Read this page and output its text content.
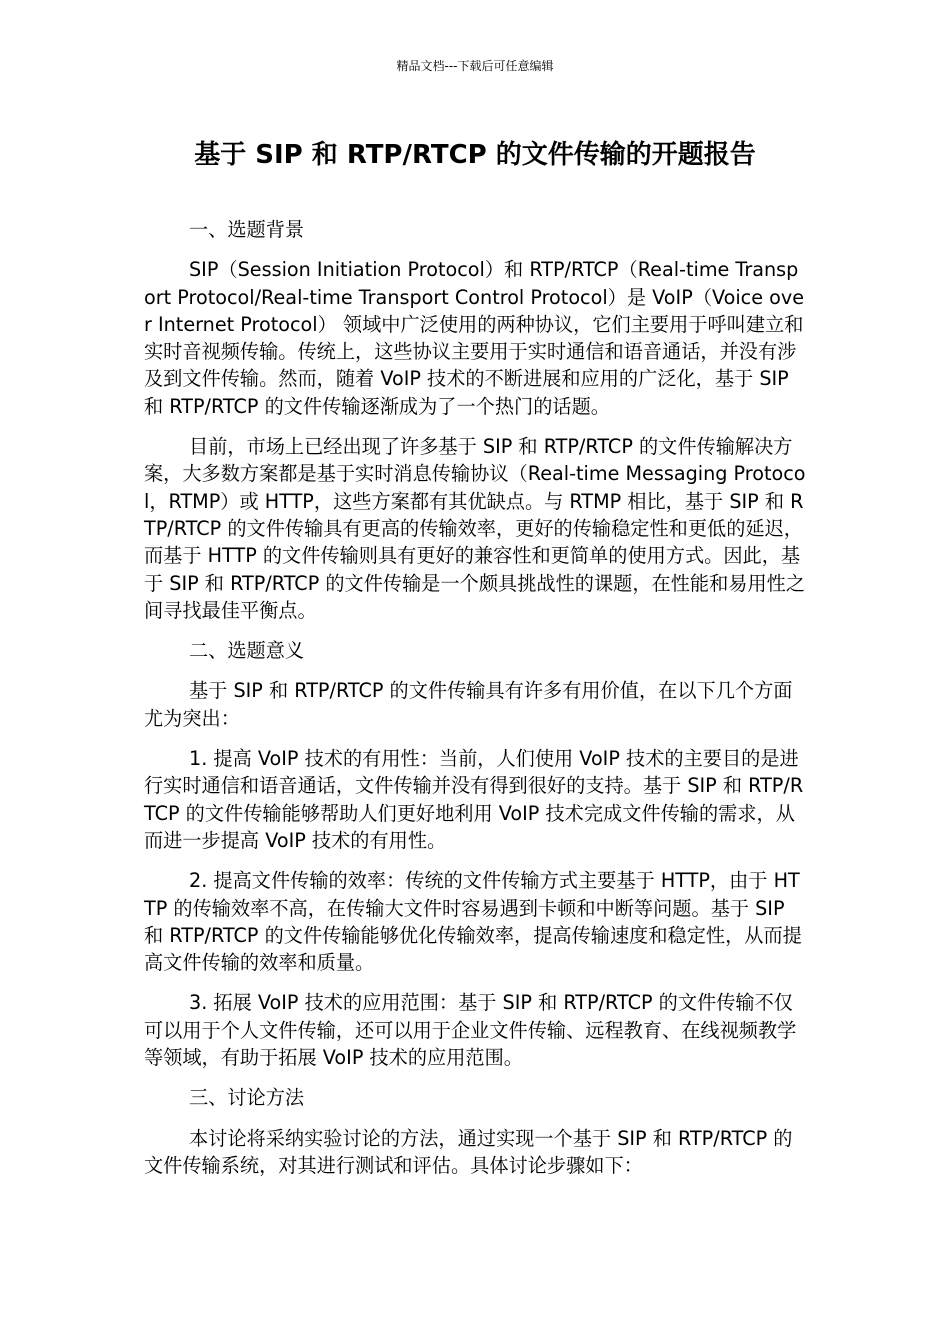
精品文档---下载后可任意编辑
基于 SIP 和 RTP/RTCP 的文件传输的开题报告

一、选题背景

SIP（Session Initiation Protocol）和 RTP/RTCP（Real-time Transport Protocol/Real-time Transport Control Protocol）是 VoIP（Voice over Internet Protocol） 领域中广泛使用的两种协议，它们主要用于呼叫建立和实时音视频传输。传统上，这些协议主要用于实时通信和语音通话，并没有涉及到文件传输。然而，随着 VoIP 技术的不断进展和应用的广泛化，基于 SIP 和 RTP/RTCP 的文件传输逐渐成为了一个热门的话题。

目前，市场上已经出现了许多基于 SIP 和 RTP/RTCP 的文件传输解决方案，大多数方案都是基于实时消息传输协议（Real-time Messaging Protocol，RTMP）或 HTTP，这些方案都有其优缺点。与 RTMP 相比，基于 SIP 和 RTP/RTCP 的文件传输具有更高的传输效率，更好的传输稳定性和更低的延迟，而基于 HTTP 的文件传输则具有更好的兼容性和更简单的使用方式。因此，基于 SIP 和 RTP/RTCP 的文件传输是一个颇具挑战性的课题，在性能和易用性之间寻找最佳平衡点。

二、选题意义

基于 SIP 和 RTP/RTCP 的文件传输具有许多有用价值，在以下几个方面尤为突出：

1. 提高 VoIP 技术的有用性：当前，人们使用 VoIP 技术的主要目的是进行实时通信和语音通话，文件传输并没有得到很好的支持。基于 SIP 和 RTP/RTCP 的文件传输能够帮助人们更好地利用 VoIP 技术完成文件传输的需求，从而进一步提高 VoIP 技术的有用性。

2. 提高文件传输的效率：传统的文件传输方式主要基于 HTTP，由于 HTTP 的传输效率不高，在传输大文件时容易遇到卡顿和中断等问题。基于 SIP 和 RTP/RTCP 的文件传输能够优化传输效率，提高传输速度和稳定性，从而提高文件传输的效率和质量。

3. 拓展 VoIP 技术的应用范围：基于 SIP 和 RTP/RTCP 的文件传输不仅可以用于个人文件传输，还可以用于企业文件传输、远程教育、在线视频教学等领域，有助于拓展 VoIP 技术的应用范围。

三、讨论方法

本讨论将采纳实验讨论的方法，通过实现一个基于 SIP 和 RTP/RTCP 的文件传输系统，对其进行测试和评估。具体讨论步骤如下：
